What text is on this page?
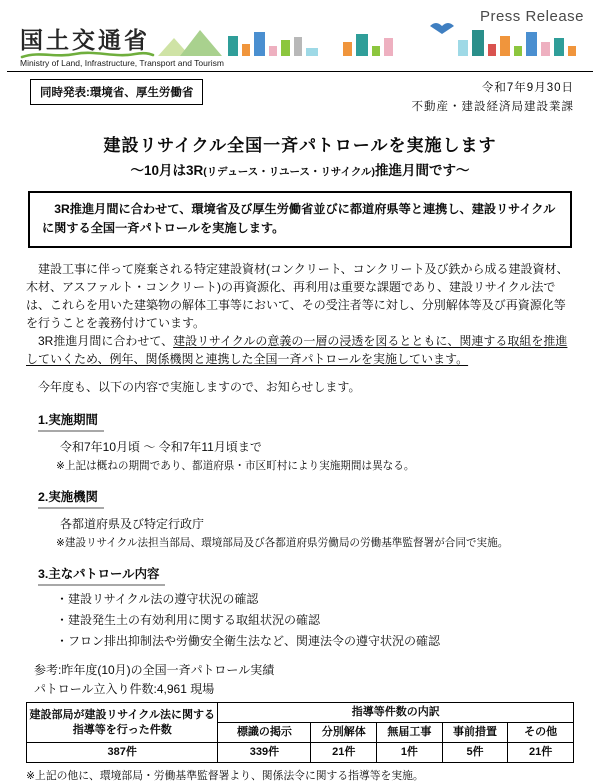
Press Release
国土交通省
Ministry of Land, Infrastructure, Transport and Tourism
同時発表:環境省、厚生労働省	令和7年9月30日
不動産・建設経済局建設業課
建設リサイクル全国一斉パトロールを実施します
〜10月は3R(リデュース・リユース・リサイクル)推進月間です〜

3R推進月間に合わせて、環境省及び厚生労働省並びに都道府県等と連携し、建設リサイクルに関する全国一斉パトロールを実施します。

建設工事に伴って廃棄される特定建設資材(コンクリート、コンクリート及び鉄から成る建設資材、木材、アスファルト・コンクリート)の再資源化、再利用は重要な課題であり、建設リサイクル法では、これらを用いた建築物の解体工事等において、その受注者等に対し、分別解体等及び再資源化等を行うことを義務付けています。

3R推進月間に合わせて、建設リサイクルの意義の一層の浸透を図るとともに、関連する取組を推進していくため、例年、関係機関と連携した全国一斉パトロールを実施しています。

今年度も、以下の内容で実施しますので、お知らせします。

1.実施期間
令和7年10月頃 〜 令和7年11月頃まで
※上記は概ねの期間であり、都道府県・市区町村により実施期間は異なる。
2.実施機関
各都道府県及び特定行政庁
※建設リサイクル法担当部局、環境部局及び各都道府県労働局の労働基準監督署が合同で実施。
3.主なパトロール内容
・建設リサイクル法の遵守状況の確認
・建設発生土の有効利用に関する取組状況の確認
・フロン排出抑制法や労働安全衛生法など、関連法令の遵守状況の確認
参考:昨年度(10月)の全国一斉パトロール実績
パトロール立入り件数:4,961 現場
建設部局が建設リサイクル法に関する指導等を行った件数	指導等件数の内訳				
	標識の掲示	分別解体	無届工事	事前措置	その他
387件	339件	21件	1件	5件	21件
※上記の他に、環境部局・労働基準監督署より、関係法令に関する指導等を実施。
